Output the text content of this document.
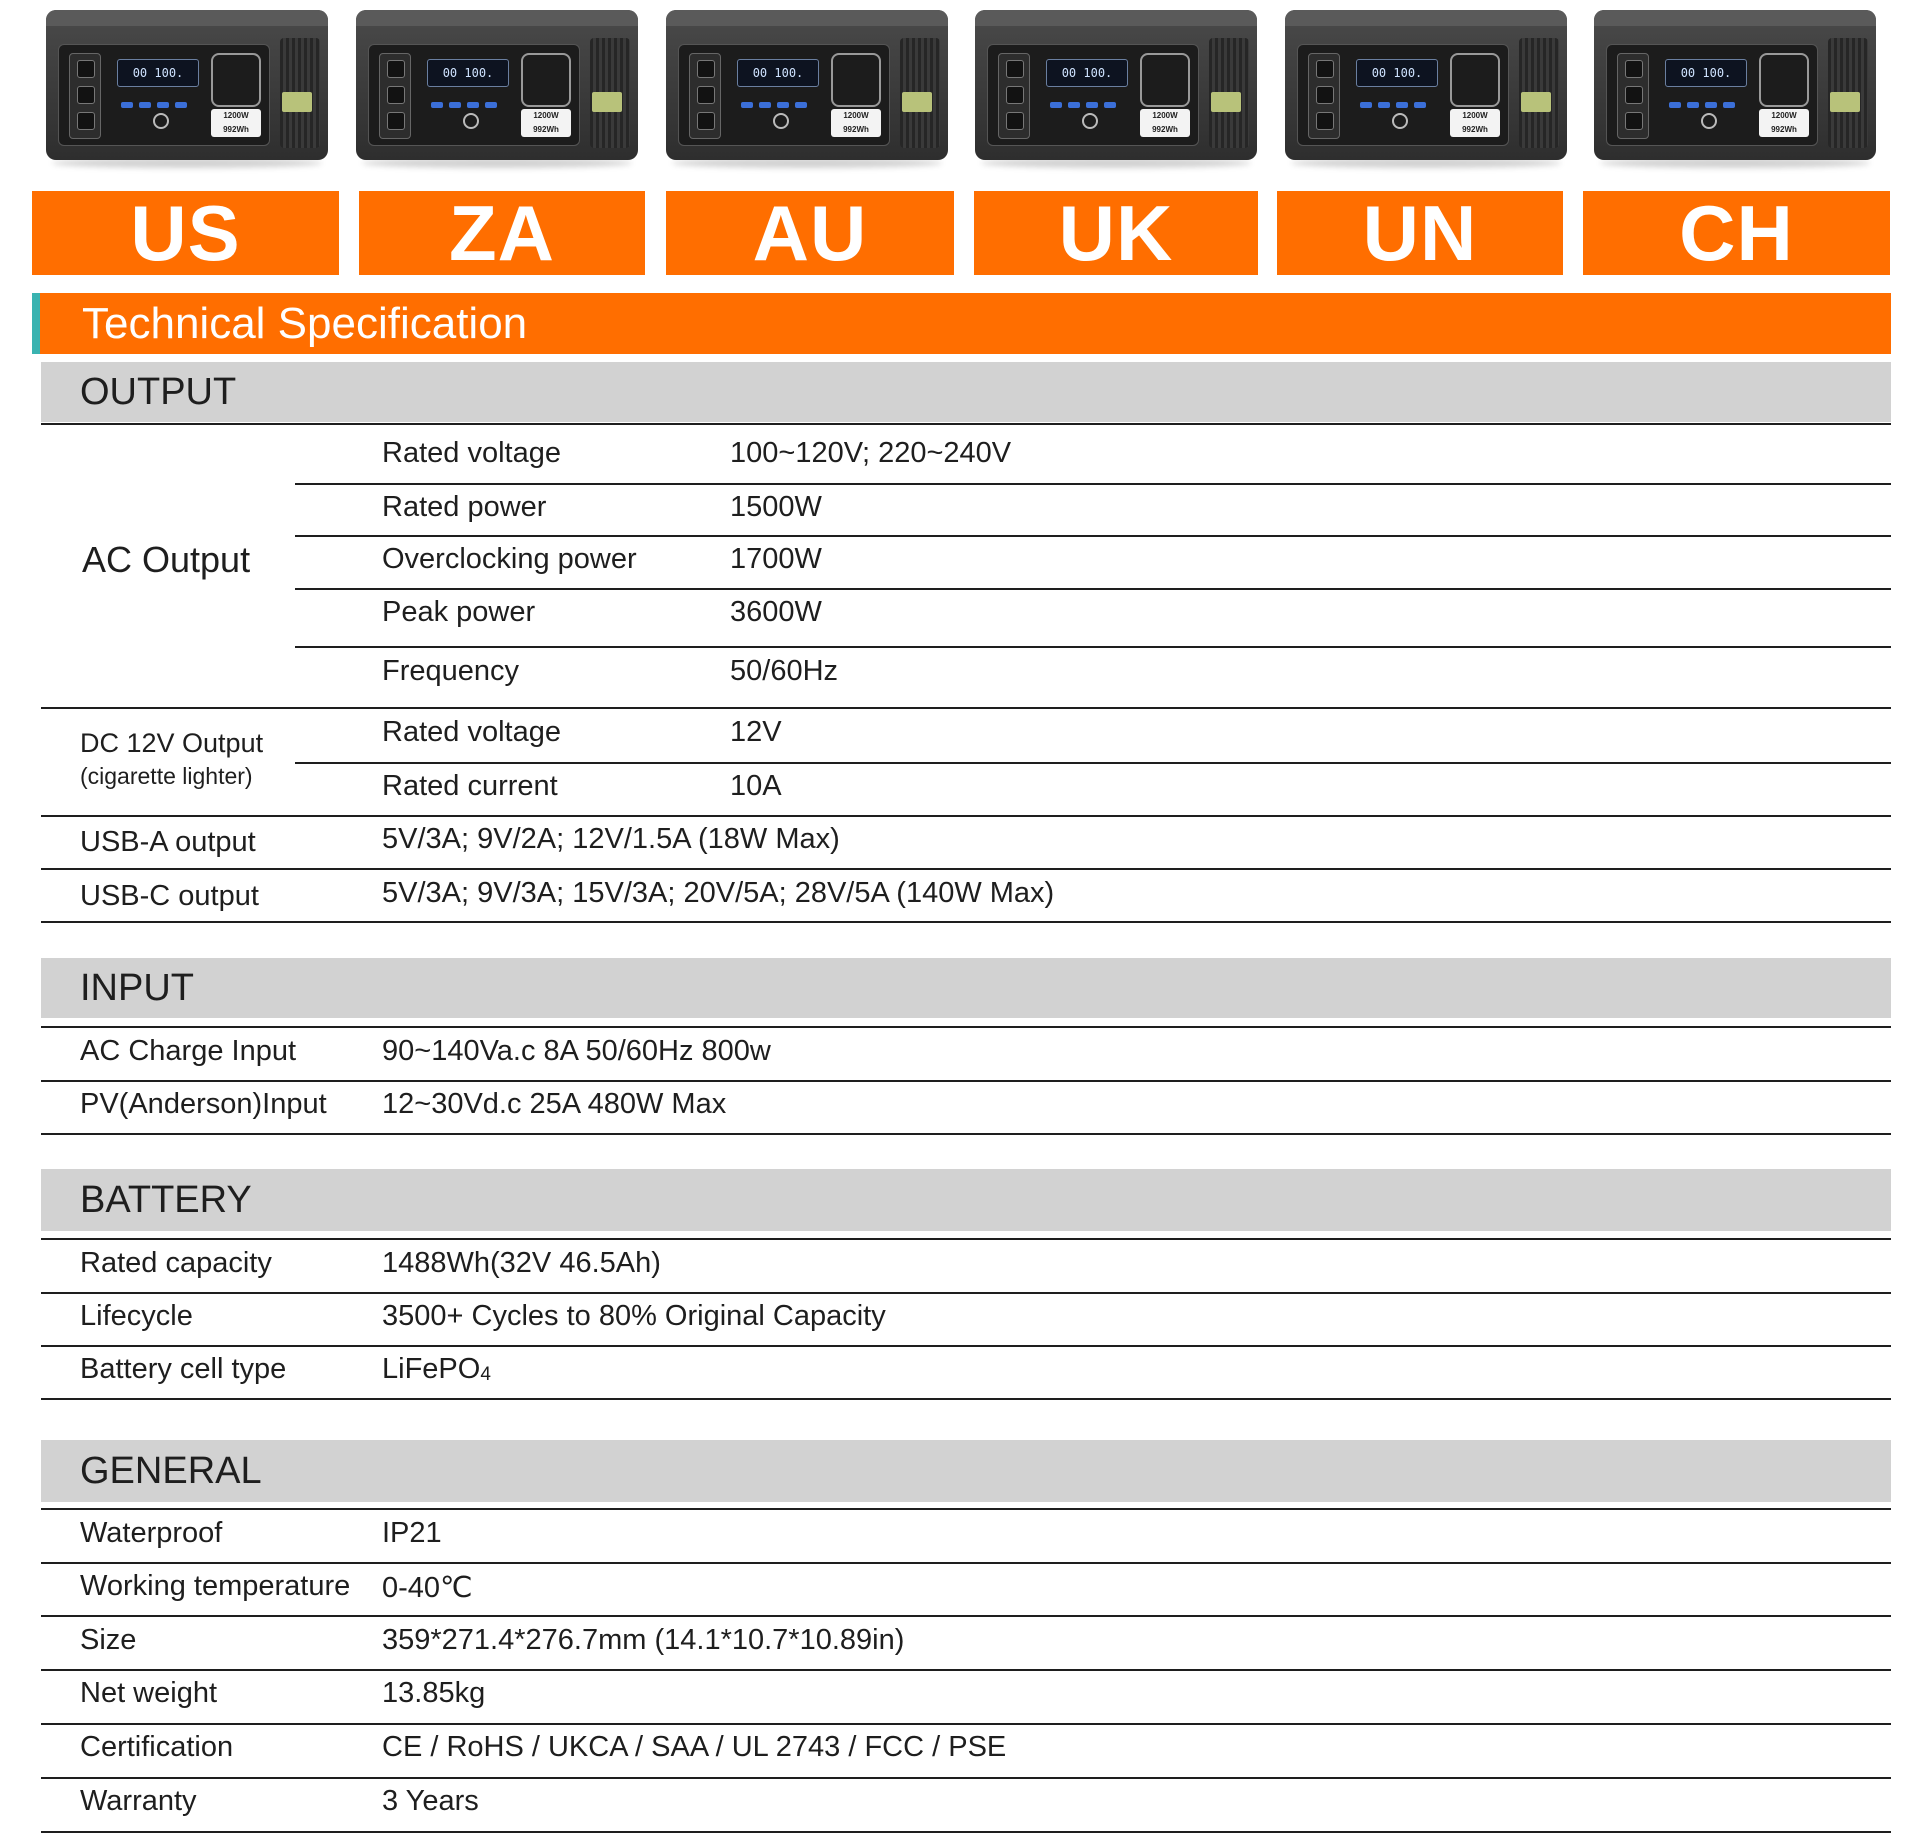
00 100.
1200W
992Wh
00 100.
1200W
992Wh
00 100.
1200W
992Wh
00 100.
1200W
992Wh
00 100.
1200W
992Wh
00 100.
1200W
992Wh
US	ZA	AU	UK	UN	CH
Technical Specification
OUTPUT
AC Output
Rated voltage	100~120V; 220~240V
Rated power	1500W
Overclocking power	1700W
Peak power	3600W
Frequency	50/60Hz
DC 12V Output
(cigarette lighter)
Rated voltage	12V
Rated current	10A
USB-A output	5V/3A; 9V/2A; 12V/1.5A (18W Max)
USB-C output	5V/3A; 9V/3A; 15V/3A; 20V/5A; 28V/5A (140W Max)
INPUT
AC Charge Input	90~140Va.c 8A 50/60Hz 800w
PV(Anderson)Input 12~30Vd.c 25A 480W Max
BATTERY
Rated capacity	1488Wh(32V 46.5Ah)
Lifecycle	3500+ Cycles to 80% Original Capacity
Battery cell type	LiFePO4
GENERAL
Waterproof	IP21
Working temperature 0-40℃
Size	359*271.4*276.7mm (14.1*10.7*10.89in)
Net weight	13.85kg
Certification	CE / RoHS / UKCA / SAA / UL 2743 / FCC / PSE
Warranty	3 Years
